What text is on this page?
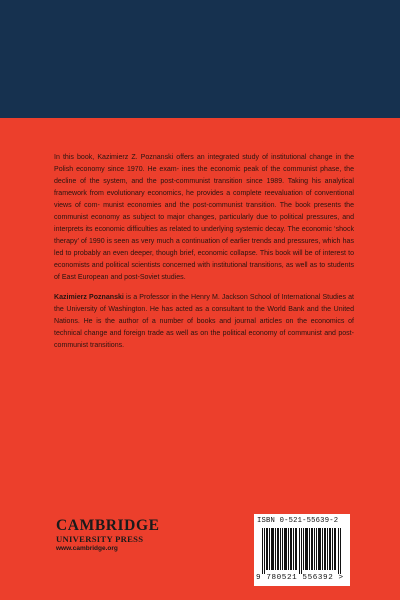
In this book, Kazimierz Z. Poznanski offers an integrated study of institutional change in the Polish economy since 1970. He exam- ines the economic peak of the communist phase, the decline of the system, and the post-communist transition since 1989. Taking his analytical framework from evolutionary economics, he provides a complete reevaluation of conventional views of com- munist economies and the post-communist transition. The book presents the communist economy as subject to major changes, particularly due to political pressures, and interprets its economic difficulties as related to underlying systemic decay. The economic ‘shock therapy’ of 1990 is seen as very much a continuation of earlier trends and pressures, which has led to probably an even deeper, though brief, economic collapse. This book will be of interest to economists and political scientists concerned with institutional transitions, as well as to students of East European and post-Soviet studies.

Kazimierz Poznanski is a Professor in the Henry M. Jackson School of International Studies at the University of Washington. He has acted as a consultant to the World Bank and the United Nations. He is the author of a number of books and journal articles on the economics of technical change and foreign trade as well as on the political economy of communist and post-communist transitions.

CAMBRIDGE
UNIVERSITY PRESS
www.cambridge.org
ISBN 0-521-55639-2
9 780521 556392 >
